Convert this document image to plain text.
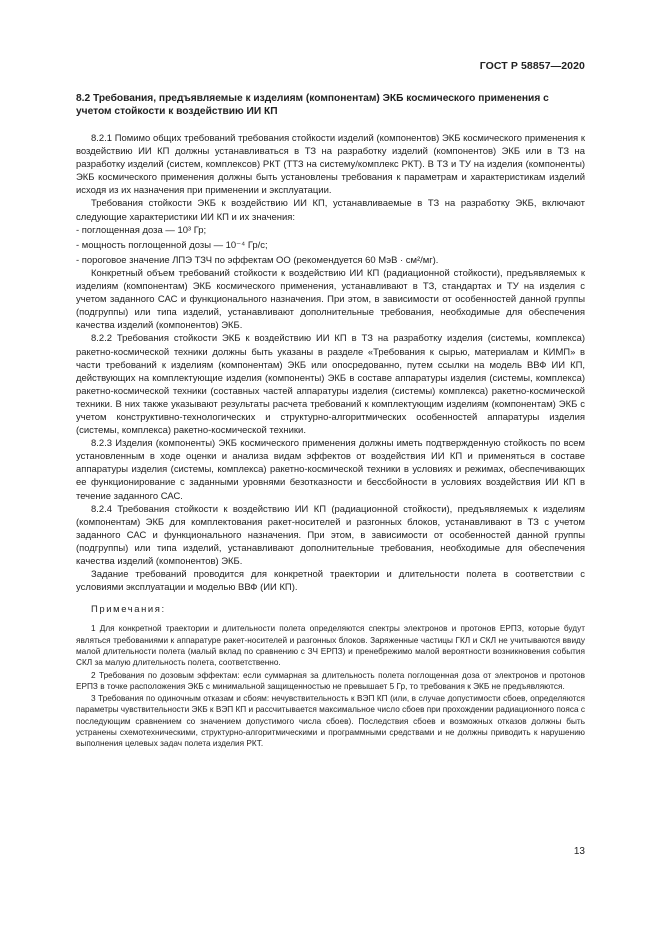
ГОСТ Р 58857—2020
8.2 Требования, предъявляемые к изделиям (компонентам) ЭКБ космического применения с учетом стойкости к воздействию ИИ КП

8.2.1 Помимо общих требований требования стойкости изделий (компонентов) ЭКБ космического применения к воздействию ИИ КП должны устанавливаться в ТЗ на разработку изделий (компонентов) ЭКБ или в ТЗ на разработку изделий (систем, комплексов) РКТ (ТТЗ на систему/комплекс РКТ). В ТЗ и ТУ на изделия (компоненты) ЭКБ космического применения должны быть установлены требования к параметрам и характеристикам изделий исходя из их назначения при применении и эксплуатации.

Требования стойкости ЭКБ к воздействию ИИ КП, устанавливаемые в ТЗ на разработку ЭКБ, включают следующие характеристики ИИ КП и их значения:

- поглощенная доза — 10³ Гр;

- мощность поглощенной дозы — 10⁻⁴ Гр/с;

- пороговое значение ЛПЭ ТЗЧ по эффектам ОО (рекомендуется 60 МэВ · см²/мг).

Конкретный объем требований стойкости к воздействию ИИ КП (радиационной стойкости), предъявляемых к изделиям (компонентам) ЭКБ космического применения, устанавливают в ТЗ, стандартах и ТУ на изделия с учетом заданного САС и функционального назначения. При этом, в зависимости от особенностей данной группы (подгруппы) или типа изделий, устанавливают дополнительные требования, необходимые для обеспечения качества изделий (компонентов) ЭКБ.

8.2.2 Требования стойкости ЭКБ к воздействию ИИ КП в ТЗ на разработку изделия (системы, комплекса) ракетно-космической техники должны быть указаны в разделе «Требования к сырью, материалам и КИМП» в части требований к изделиям (компонентам) ЭКБ или опосредованно, путем ссылки на модель ВВФ ИИ КП, действующих на комплектующие изделия (компоненты) ЭКБ в составе аппаратуры изделия (системы, комплекса) ракетно-космической техники (составных частей аппаратуры изделия (системы) комплекса) ракетно-космической техники. В них также указывают результаты расчета требований к комплектующим изделиям (компонентам) ЭКБ с учетом конструктивно-технологических и структурно-алгоритмических особенностей аппаратуры изделия (системы, комплекса) ракетно-космической техники.

8.2.3 Изделия (компоненты) ЭКБ космического применения должны иметь подтвержденную стойкость по всем установленным в ходе оценки и анализа видам эффектов от воздействия ИИ КП и применяться в составе аппаратуры изделия (системы, комплекса) ракетно-космической техники в условиях и режимах, обеспечивающих ее функционирование с заданными уровнями безотказности и бессбойности в условиях воздействия ИИ КП в течение заданного САС.

8.2.4 Требования стойкости к воздействию ИИ КП (радиационной стойкости), предъявляемых к изделиям (компонентам) ЭКБ для комплектования ракет-носителей и разгонных блоков, устанавливают в ТЗ с учетом заданного САС и функционального назначения. При этом, в зависимости от особенностей данной группы (подгруппы) или типа изделий, устанавливают дополнительные требования, необходимые для обеспечения качества изделий (компонентов) ЭКБ.

Задание требований проводится для конкретной траектории и длительности полета в соответствии с условиями эксплуатации и моделью ВВФ (ИИ КП).

Примечания:

1 Для конкретной траектории и длительности полета определяются спектры электронов и протонов ЕРПЗ, которые будут являться требованиями к аппаратуре ракет-носителей и разгонных блоков. Заряженные частицы ГКЛ и СКЛ не учитываются ввиду малой длительности полета (малый вклад по сравнению с ЗЧ ЕРПЗ) и пренебрежимо малой вероятности возникновения события СКЛ за малую длительность полета, соответственно.

2 Требования по дозовым эффектам: если суммарная за длительность полета поглощенная доза от электронов и протонов ЕРПЗ в точке расположения ЭКБ с минимальной защищенностью не превышает 5 Гр, то требования к ЭКБ не предъявляются.

3 Требования по одиночным отказам и сбоям: нечувствительность к ВЭП КП (или, в случае допустимости сбоев, определяются параметры чувствительности ЭКБ к ВЭП КП и рассчитывается максимальное число сбоев при прохождении радиационного пояса с последующим сравнением со значением допустимого числа сбоев). Последствия сбоев и возможных отказов должны быть устранены схемотехническими, структурно-алгоритмическими и программными средствами и не должны приводить к нарушению выполнения целевых задач полета изделия РКТ.

13
